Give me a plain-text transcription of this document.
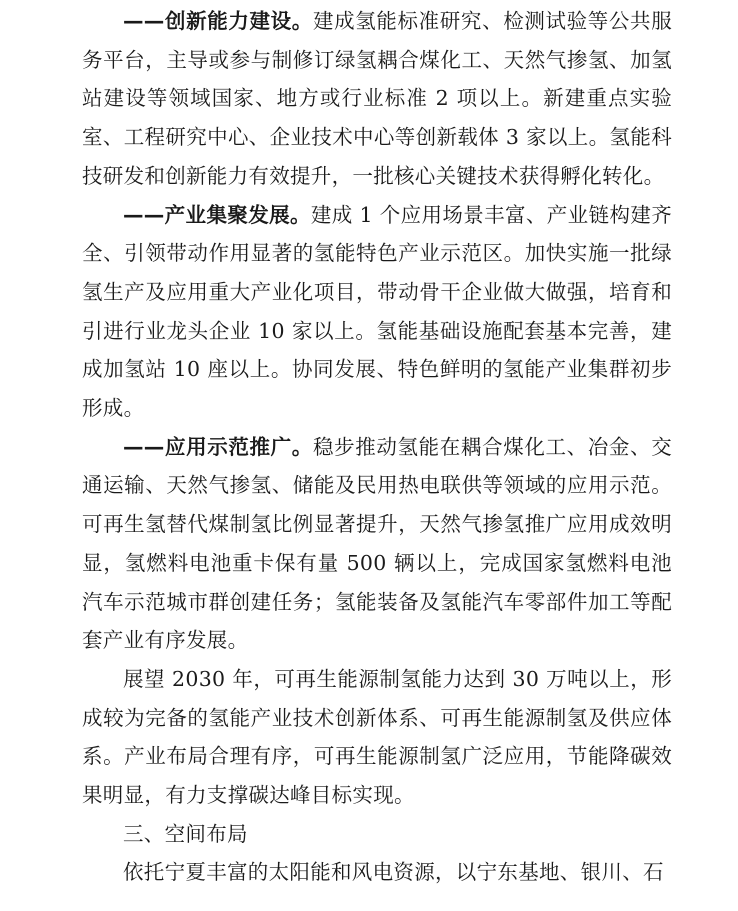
——创新能力建设。建成氢能标准研究、检测试验等公共服务平台，主导或参与制修订绿氢耦合煤化工、天然气掺氢、加氢站建设等领域国家、地方或行业标准 2 项以上。新建重点实验室、工程研究中心、企业技术中心等创新载体 3 家以上。氢能科技研发和创新能力有效提升，一批核心关键技术获得孵化转化。

——产业集聚发展。建成 1 个应用场景丰富、产业链构建齐全、引领带动作用显著的氢能特色产业示范区。加快实施一批绿氢生产及应用重大产业化项目，带动骨干企业做大做强，培育和引进行业龙头企业 10 家以上。氢能基础设施配套基本完善，建成加氢站 10 座以上。协同发展、特色鲜明的氢能产业集群初步形成。

——应用示范推广。稳步推动氢能在耦合煤化工、冶金、交通运输、天然气掺氢、储能及民用热电联供等领域的应用示范。可再生氢替代煤制氢比例显著提升，天然气掺氢推广应用成效明显，氢燃料电池重卡保有量 500 辆以上，完成国家氢燃料电池汽车示范城市群创建任务；氢能装备及氢能汽车零部件加工等配套产业有序发展。

展望 2030 年，可再生能源制氢能力达到 30 万吨以上，形成较为完备的氢能产业技术创新体系、可再生能源制氢及供应体系。产业布局合理有序，可再生能源制氢广泛应用，节能降碳效果明显，有力支撑碳达峰目标实现。

三、空间布局

依托宁夏丰富的太阳能和风电资源，以宁东基地、银川、石
